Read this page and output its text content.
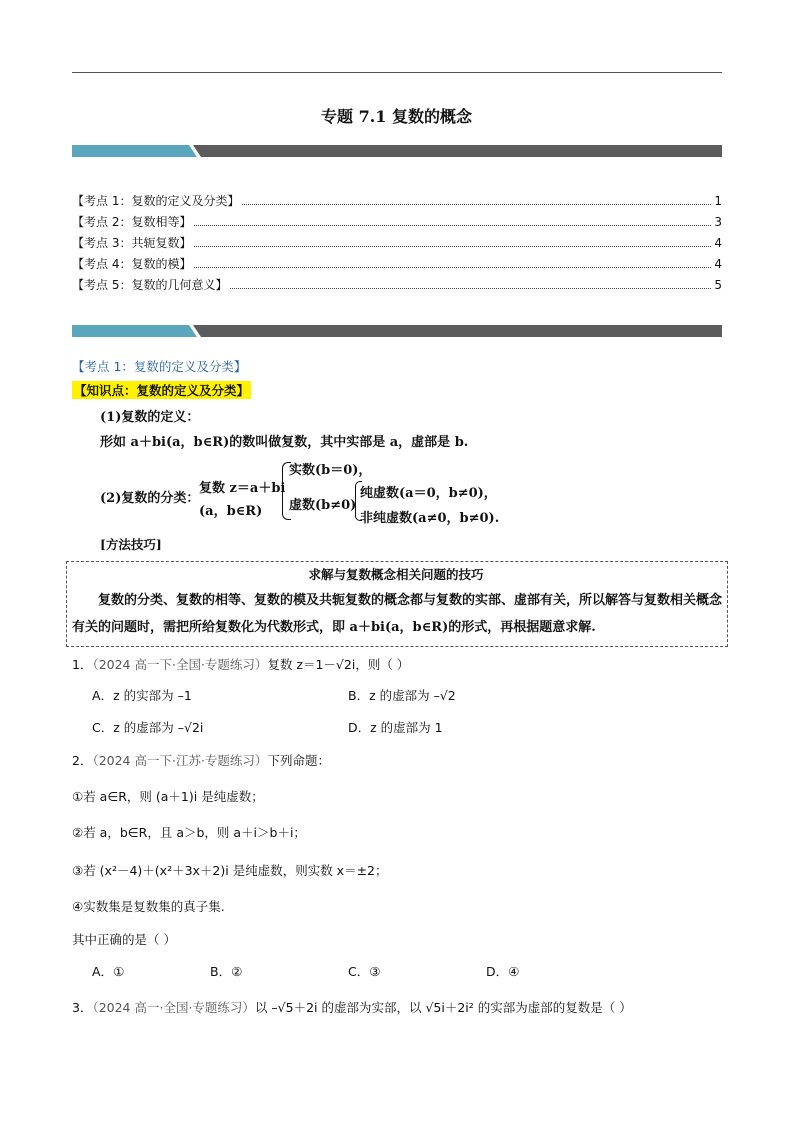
专题 7.1 复数的概念
【考点 1：复数的定义及分类】	1
【考点 2：复数相等】	3
【考点 3：共轭复数】	4
【考点 4：复数的模】	4
【考点 5：复数的几何意义】	5
【考点 1：复数的定义及分类】
【知识点：复数的定义及分类】
(1)复数的定义：
形如 a＋bi(a，b∈R)的数叫做复数，其中实部是 a，虚部是 b.
(2)复数的分类：
复数 z＝a＋bi
(a，b∈R)
实数(b＝0)，
虚数(b≠0)
纯虚数(a＝0，b≠0)，
非纯虚数(a≠0，b≠0).
[方法技巧]
求解与复数概念相关问题的技巧
复数的分类、复数的相等、复数的模及共轭复数的概念都与复数的实部、虚部有关，所以解答与复数相关概念有关的问题时，需把所给复数化为代数形式，即 a＋bi(a，b∈R)的形式，再根据题意求解.
1．（2024 高一下·全国·专题练习）复数 z＝1－√2i，则（ ）
A．z 的实部为 –1	B．z 的虚部为 –√2
C．z 的虚部为 –√2i	D．z 的虚部为 1
2．（2024 高一下·江苏·专题练习）下列命题：
①若 a∈R，则 (a＋1)i 是纯虚数；
②若 a，b∈R，且 a＞b，则 a＋i＞b＋i；
③若 (x²－4)＋(x²＋3x＋2)i 是纯虚数，则实数 x＝±2；
④实数集是复数集的真子集.
其中正确的是（ ）
A．①	B．②	C．③	D．④
3．（2024 高一·全国·专题练习）以 –√5＋2i 的虚部为实部，以 √5i＋2i² 的实部为虚部的复数是（ ）
